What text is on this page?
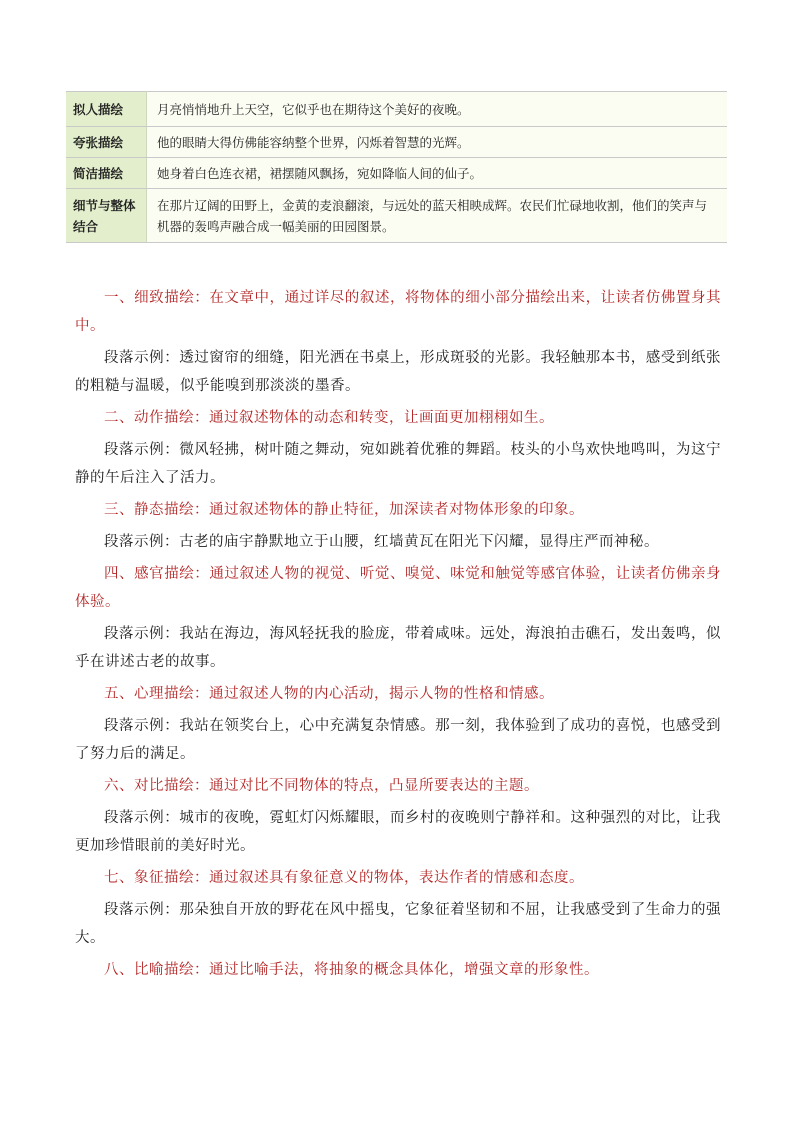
拟人描绘	月亮悄悄地升上天空，它似乎也在期待这个美好的夜晚。
夸张描绘	他的眼睛大得仿佛能容纳整个世界，闪烁着智慧的光辉。
简洁描绘	她身着白色连衣裙，裙摆随风飘扬，宛如降临人间的仙子。
细节与整体结合	在那片辽阔的田野上，金黄的麦浪翻滚，与远处的蓝天相映成辉。农民们忙碌地收割，他们的笑声与机器的轰鸣声融合成一幅美丽的田园图景。

一、细致描绘：在文章中，通过详尽的叙述，将物体的细小部分描绘出来，让读者仿佛置身其中。

段落示例：透过窗帘的细缝，阳光洒在书桌上，形成斑驳的光影。我轻触那本书，感受到纸张的粗糙与温暖，似乎能嗅到那淡淡的墨香。

二、动作描绘：通过叙述物体的动态和转变，让画面更加栩栩如生。

段落示例：微风轻拂，树叶随之舞动，宛如跳着优雅的舞蹈。枝头的小鸟欢快地鸣叫，为这宁静的午后注入了活力。

三、静态描绘：通过叙述物体的静止特征，加深读者对物体形象的印象。

段落示例：古老的庙宇静默地立于山腰，红墙黄瓦在阳光下闪耀，显得庄严而神秘。

四、感官描绘：通过叙述人物的视觉、听觉、嗅觉、味觉和触觉等感官体验，让读者仿佛亲身体验。

段落示例：我站在海边，海风轻抚我的脸庞，带着咸味。远处，海浪拍击礁石，发出轰鸣，似乎在讲述古老的故事。

五、心理描绘：通过叙述人物的内心活动，揭示人物的性格和情感。

段落示例：我站在领奖台上，心中充满复杂情感。那一刻，我体验到了成功的喜悦，也感受到了努力后的满足。

六、对比描绘：通过对比不同物体的特点，凸显所要表达的主题。

段落示例：城市的夜晚，霓虹灯闪烁耀眼，而乡村的夜晚则宁静祥和。这种强烈的对比，让我更加珍惜眼前的美好时光。

七、象征描绘：通过叙述具有象征意义的物体，表达作者的情感和态度。

段落示例：那朵独自开放的野花在风中摇曳，它象征着坚韧和不屈，让我感受到了生命力的强大。

八、比喻描绘：通过比喻手法，将抽象的概念具体化，增强文章的形象性。
